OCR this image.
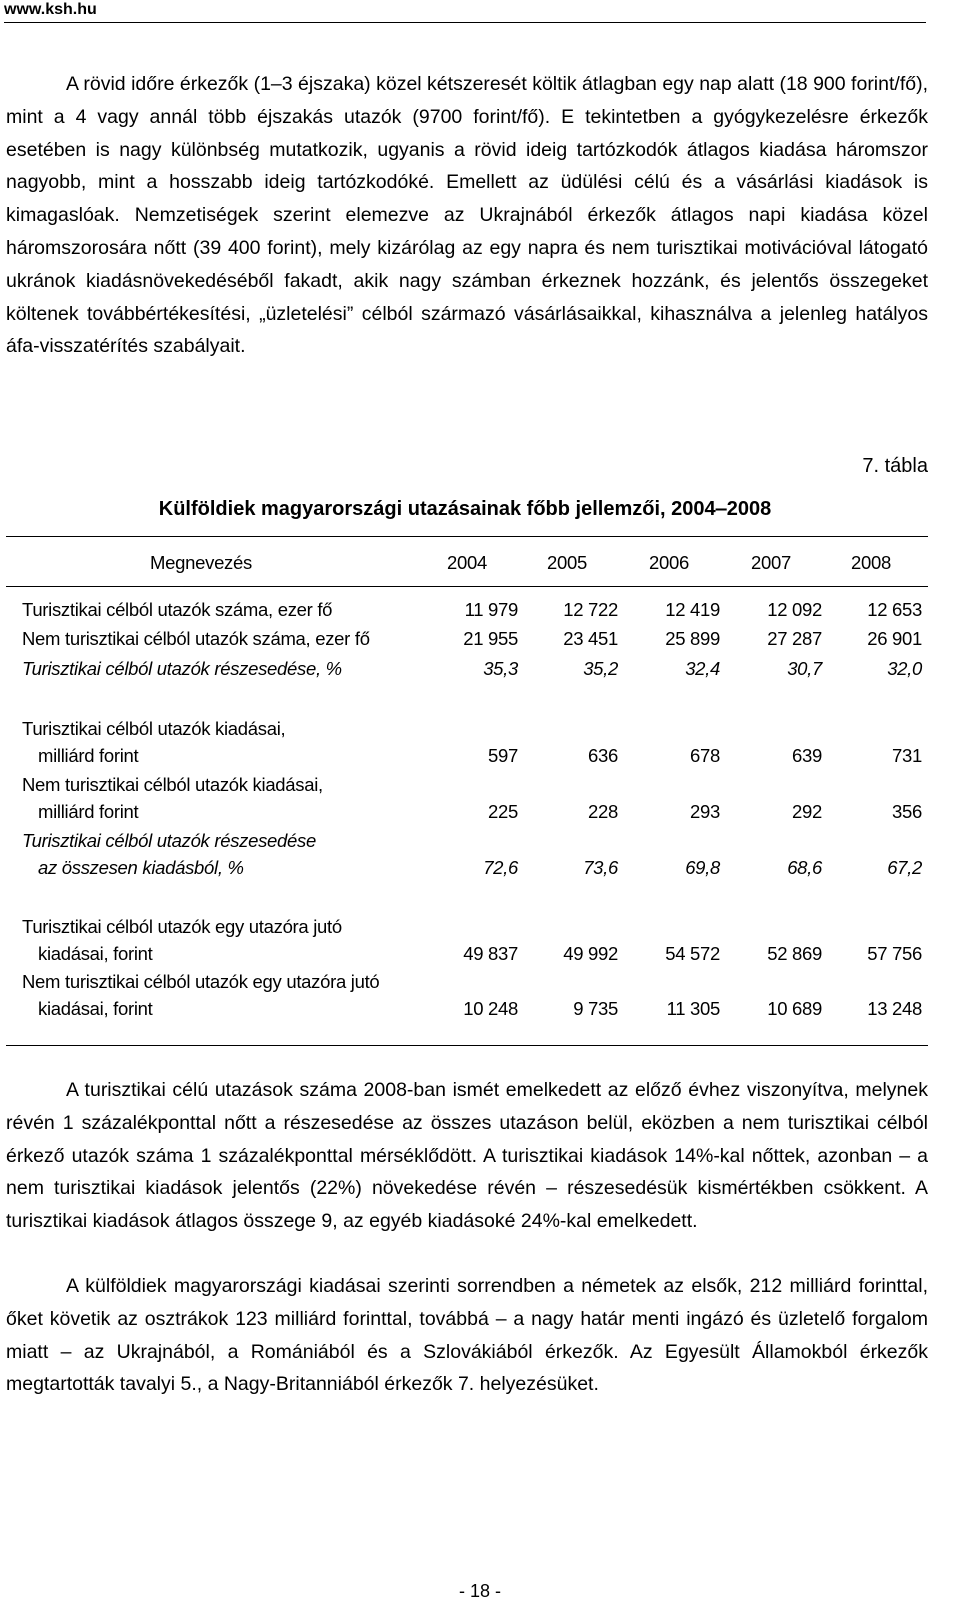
www.ksh.hu

A rövid időre érkezők (1–3 éjszaka) közel kétszeresét költik átlagban egy nap alatt (18 900 forint/fő), mint a 4 vagy annál több éjszakás utazók (9700 forint/fő). E tekintetben a gyógykezelésre érkezők esetében is nagy különbség mutatkozik, ugyanis a rövid ideig tartózkodók átlagos kiadása háromszor nagyobb, mint a hosszabb ideig tartózkodóké. Emellett az üdülési célú és a vásárlási kiadások is kimagaslóak. Nemzetiségek szerint elemezve az Ukrajnából érkezők átlagos napi kiadása közel háromszorosára nőtt (39 400 forint), mely kizárólag az egy napra és nem turisztikai motivációval látogató ukránok kiadásnövekedéséből fakadt, akik nagy számban érkeznek hozzánk, és jelentős összegeket költenek továbbértékesítési, „üzletelési” célból származó vásárlásaikkal, kihasználva a jelenleg hatályos áfa-visszatérítés szabályait.

7. tábla
Külföldiek magyarországi utazásainak főbb jellemzői, 2004‒2008
Megnevezés	2004	2005	2006	2007	2008
Turisztikai célból utazók száma, ezer fő	11 979	12 722	12 419	12 092	12 653
Nem turisztikai célból utazók száma, ezer fő	21 955	23 451	25 899	27 287	26 901
Turisztikai célból utazók részesedése, %	35,3	35,2	32,4	30,7	32,0
Turisztikai célból utazók kiadásai,
milliárd forint	597	636	678	639	731
Nem turisztikai célból utazók kiadásai,
milliárd forint	225	228	293	292	356
Turisztikai célból utazók részesedése
az összesen kiadásból, %	72,6	73,6	69,8	68,6	67,2
Turisztikai célból utazók egy utazóra jutó
kiadásai, forint	49 837	49 992	54 572	52 869	57 756
Nem turisztikai célból utazók egy utazóra jutó
kiadásai, forint	10 248	9 735	11 305	10 689	13 248

A turisztikai célú utazások száma 2008-ban ismét emelkedett az előző évhez viszonyítva, melynek révén 1 százalékponttal nőtt a részesedése az összes utazáson belül, eközben a nem turisztikai célból érkező utazók száma 1 százalékponttal mérséklődött. A turisztikai kiadások 14%-kal nőttek, azonban – a nem turisztikai kiadások jelentős (22%) növekedése révén – részesedésük kismértékben csökkent. A turisztikai kiadások átlagos összege 9, az egyéb kiadásoké 24%-kal emelkedett.

A külföldiek magyarországi kiadásai szerinti sorrendben a németek az elsők, 212 milliárd forinttal, őket követik az osztrákok 123 milliárd forinttal, továbbá – a nagy határ menti ingázó és üzletelő forgalom miatt – az Ukrajnából, a Romániából és a Szlovákiából érkezők. Az Egyesült Államokból érkezők megtartották tavalyi 5., a Nagy-Britanniából érkezők 7. helyezésüket.

- 18 -
